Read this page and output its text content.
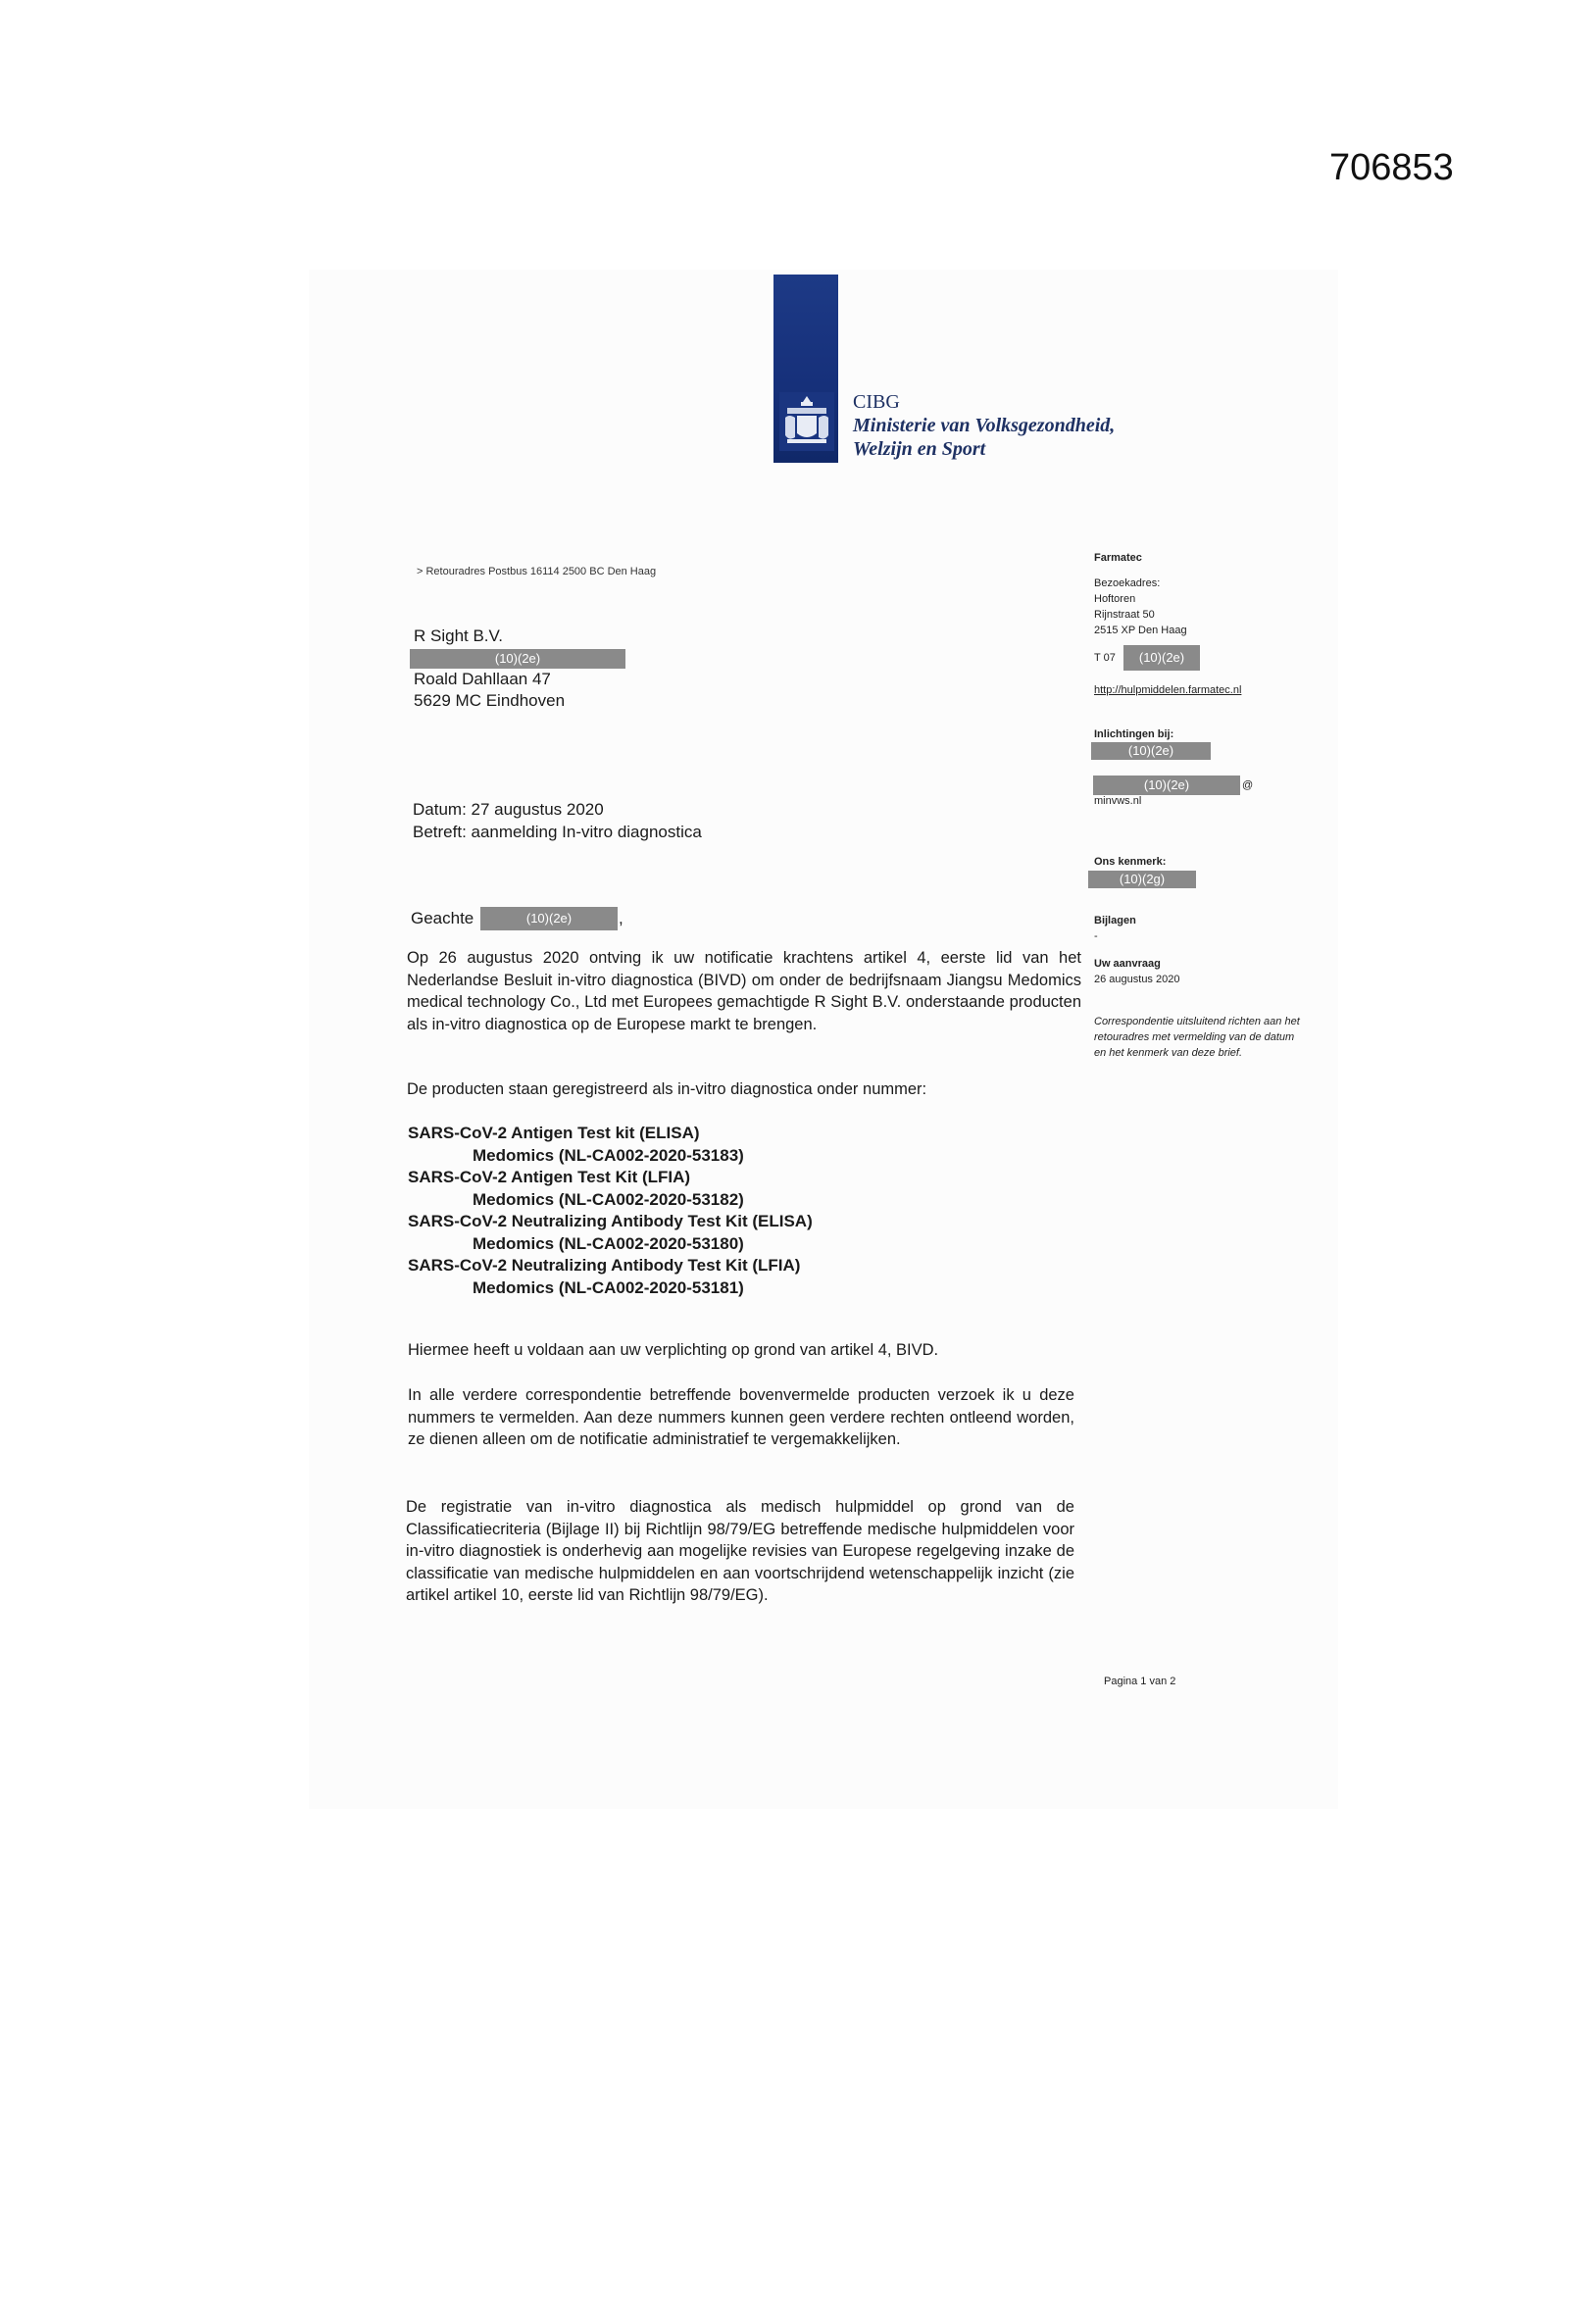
706853
CIBG
Ministerie van Volksgezondheid,
Welzijn en Sport
> Retouradres Postbus 16114 2500 BC Den Haag
R Sight B.V.
(10)(2e)
Roald Dahllaan 47
5629 MC Eindhoven
Datum: 27 augustus 2020
Betreft: aanmelding In-vitro diagnostica
Geachte	(10)(2e)	,
Op 26 augustus 2020 ontving ik uw notificatie krachtens artikel 4, eerste lid van het Nederlandse Besluit in-vitro diagnostica (BIVD) om onder de bedrijfsnaam Jiangsu Medomics medical technology Co., Ltd met Europees gemachtigde R Sight B.V. onderstaande producten als in-vitro diagnostica op de Europese markt te brengen.
De producten staan geregistreerd als in-vitro diagnostica onder nummer:
SARS-CoV-2 Antigen Test kit (ELISA)
Medomics (NL-CA002-2020-53183)
SARS-CoV-2 Antigen Test Kit (LFIA)
Medomics (NL-CA002-2020-53182)
SARS-CoV-2 Neutralizing Antibody Test Kit (ELISA)
Medomics (NL-CA002-2020-53180)
SARS-CoV-2 Neutralizing Antibody Test Kit (LFIA)
Medomics (NL-CA002-2020-53181)
Hiermee heeft u voldaan aan uw verplichting op grond van artikel 4, BIVD.
In alle verdere correspondentie betreffende bovenvermelde producten verzoek ik u deze nummers te vermelden. Aan deze nummers kunnen geen verdere rechten ontleend worden, ze dienen alleen om de notificatie administratief te vergemakkelijken.
De registratie van in-vitro diagnostica als medisch hulpmiddel op grond van de Classificatiecriteria (Bijlage II) bij Richtlijn 98/79/EG betreffende medische hulpmiddelen voor in-vitro diagnostiek is onderhevig aan mogelijke revisies van Europese regelgeving inzake de classificatie van medische hulpmiddelen en aan voortschrijdend wetenschappelijk inzicht (zie artikel artikel 10, eerste lid van Richtlijn 98/79/EG).
Farmatec
Bezoekadres:
Hoftoren
Rijnstraat 50
2515 XP Den Haag
T 07	(10)(2e)
http://hulpmiddelen.farmatec.nl
Inlichtingen bij:
(10)(2e)
(10)(2e)	@
minvws.nl
Ons kenmerk:
(10)(2g)
Bijlagen
-
Uw aanvraag
26 augustus 2020
Correspondentie uitsluitend richten aan het retouradres met vermelding van de datum en het kenmerk van deze brief.
Pagina 1 van 2
